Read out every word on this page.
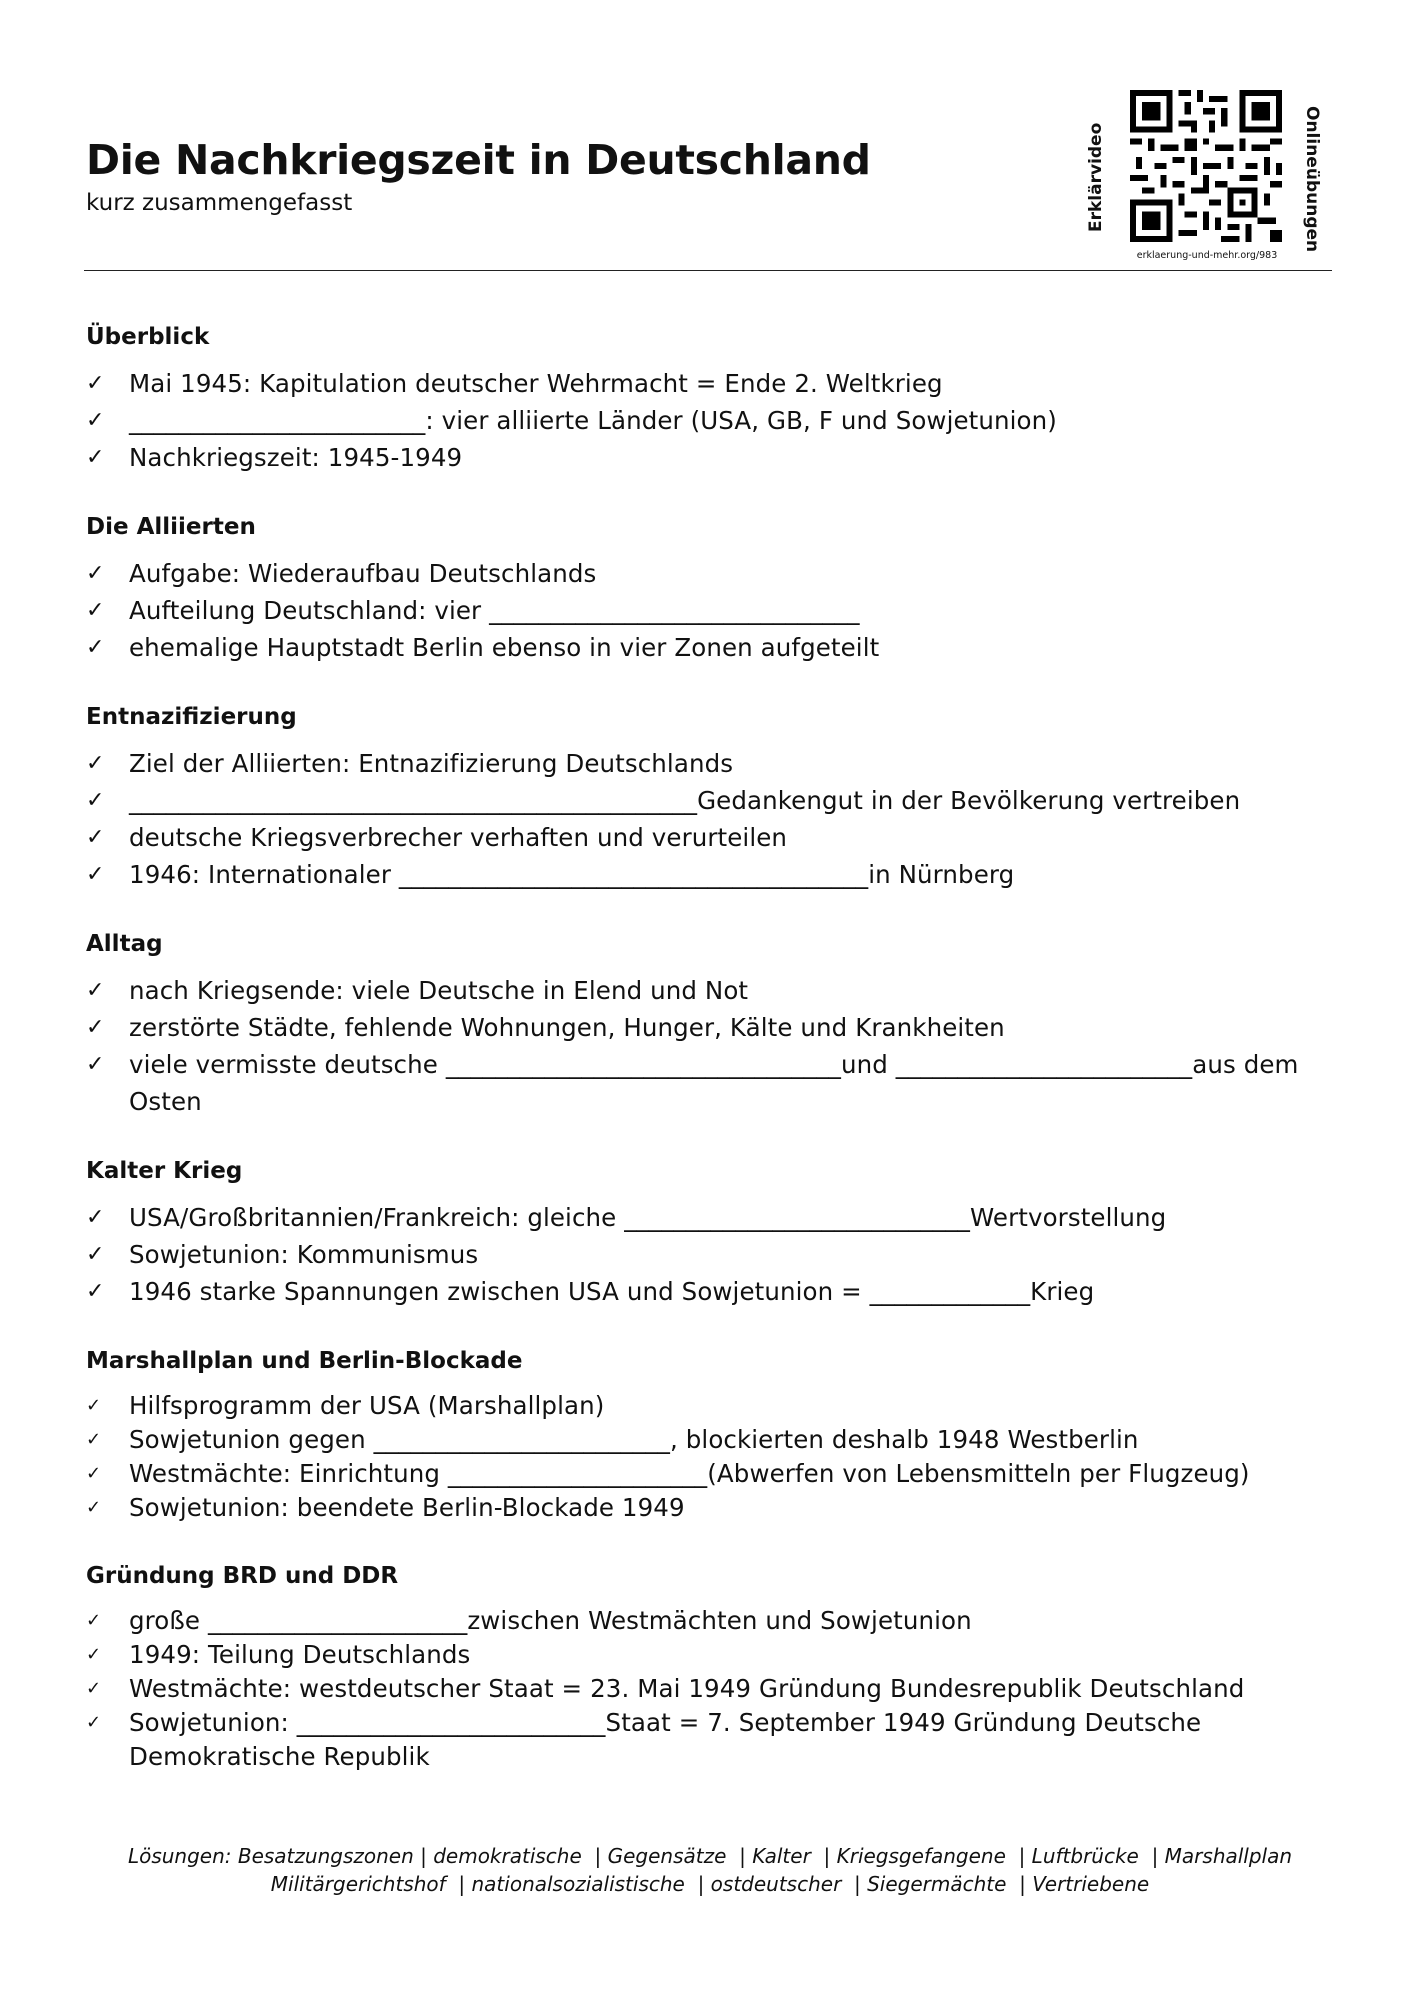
Die Nachkriegszeit in Deutschland
kurz zusammengefasst	Erklärvideo	Onlineübungen
erklaerung-und-mehr.org/983
Überblick
✓ Mai 1945: Kapitulation deutscher Wehrmacht = Ende 2. Weltkrieg
✓ ________________________: vier alliierte Länder (USA, GB, F und Sowjetunion)
✓ Nachkriegszeit: 1945-1949
Die Alliierten
✓ Aufgabe: Wiederaufbau Deutschlands
✓ Aufteilung Deutschland: vier ______________________________
✓ ehemalige Hauptstadt Berlin ebenso in vier Zonen aufgeteilt
Entnazifizierung
✓ Ziel der Alliierten: Entnazifizierung Deutschlands
✓ ______________________________________________Gedankengut in der Bevölkerung vertreiben
✓ deutsche Kriegsverbrecher verhaften und verurteilen
✓ 1946: Internationaler ______________________________________in Nürnberg
Alltag
✓ nach Kriegsende: viele Deutsche in Elend und Not
✓ zerstörte Städte, fehlende Wohnungen, Hunger, Kälte und Krankheiten
✓ viele vermisste deutsche ________________________________und ________________________aus dem Osten
Kalter Krieg
✓ USA/Großbritannien/Frankreich: gleiche ____________________________Wertvorstellung
✓ Sowjetunion: Kommunismus
✓ 1946 starke Spannungen zwischen USA und Sowjetunion = _____________Krieg
Marshallplan und Berlin-Blockade
✓ Hilfsprogramm der USA (Marshallplan)
✓ Sowjetunion gegen ________________________, blockierten deshalb 1948 Westberlin
✓ Westmächte: Einrichtung _____________________(Abwerfen von Lebensmitteln per Flugzeug)
✓ Sowjetunion: beendete Berlin-Blockade 1949
Gründung BRD und DDR
✓ große _____________________zwischen Westmächten und Sowjetunion
✓ 1949: Teilung Deutschlands
✓ Westmächte: westdeutscher Staat = 23. Mai 1949 Gründung Bundesrepublik Deutschland
✓ Sowjetunion: _________________________Staat = 7. September 1949 Gründung Deutsche Demokratische Republik
Lösungen: Besatzungszonen | demokratische  | Gegensätze  | Kalter  | Kriegsgefangene  | Luftbrücke  | Marshallplan
Militärgerichtshof  | nationalsozialistische  | ostdeutscher  | Siegermächte  | Vertriebene
